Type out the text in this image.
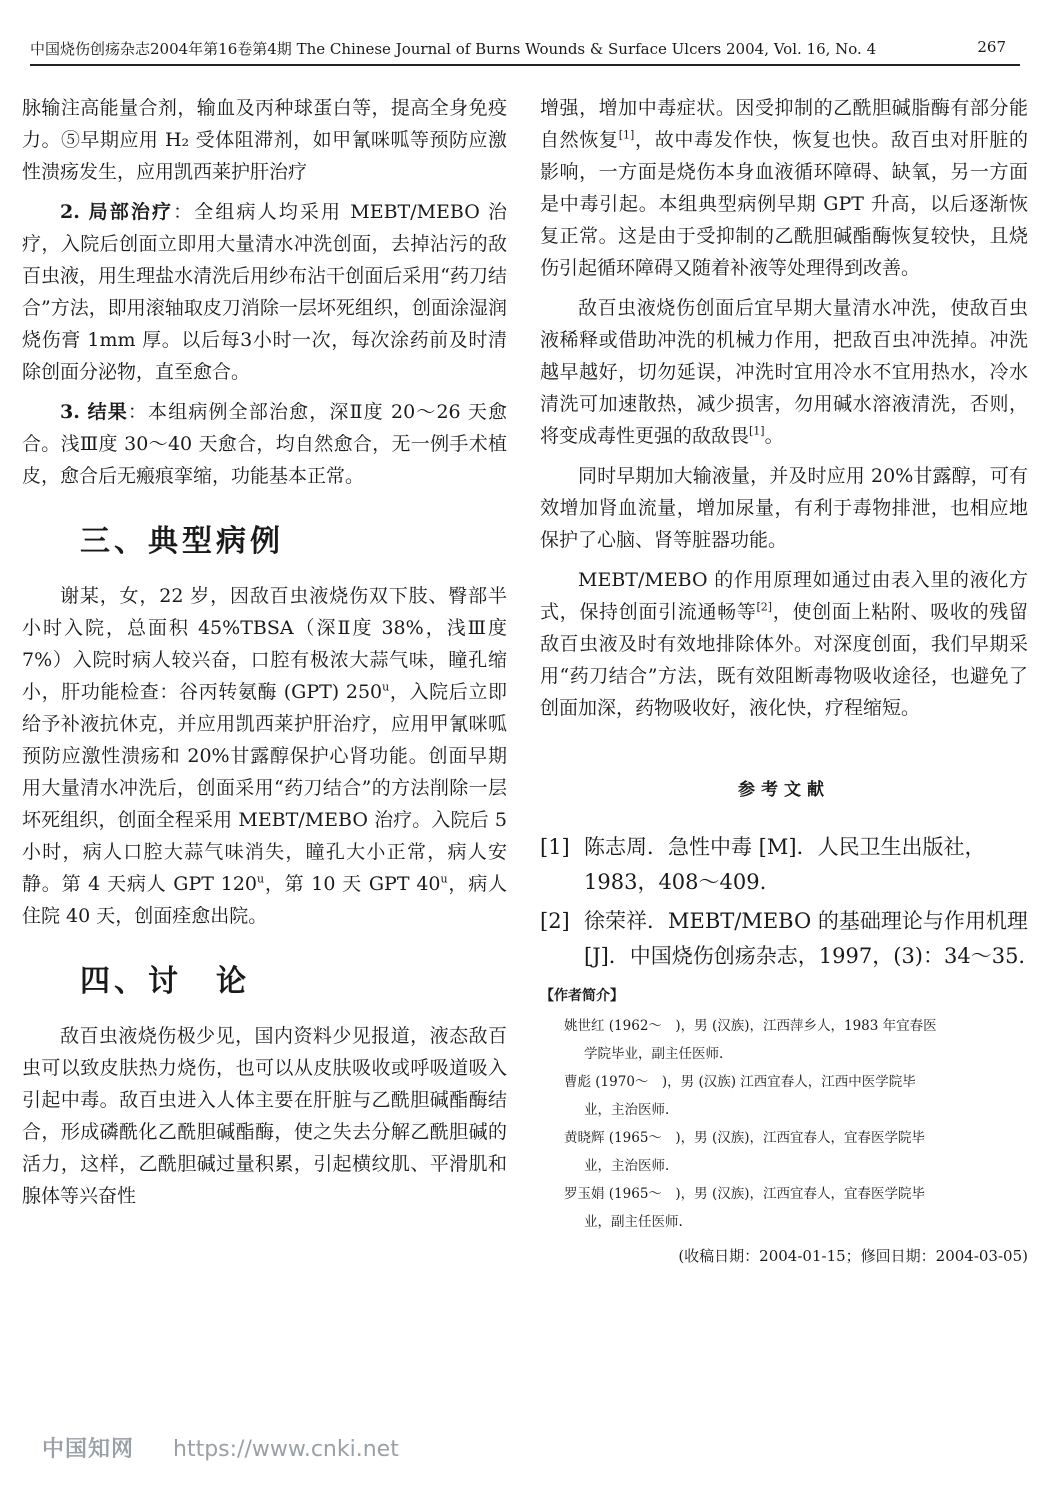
中国烧伤创疡杂志2004年第16卷第4期 The Chinese Journal of Burns Wounds & Surface Ulcers 2004, Vol. 16, No. 4	267

脉输注高能量合剂，输血及丙种球蛋白等，提高全身免疫力。⑤早期应用 H₂ 受体阻滞剂，如甲氰咪呱等预防应激性溃疡发生，应用凯西莱护肝治疗

2. 局部治疗：全组病人均采用 MEBT/MEBO 治疗，入院后创面立即用大量清水冲洗创面，去掉沾污的敌百虫液，用生理盐水清洗后用纱布沾干创面后采用“药刀结合”方法，即用滚轴取皮刀消除一层坏死组织，创面涂湿润烧伤膏 1mm 厚。以后每3小时一次，每次涂药前及时清除创面分泌物，直至愈合。

3. 结果：本组病例全部治愈，深Ⅱ度 20～26 天愈合。浅Ⅲ度 30～40 天愈合，均自然愈合，无一例手术植皮，愈合后无瘢痕挛缩，功能基本正常。

三、典型病例

谢某，女，22 岁，因敌百虫液烧伤双下肢、臀部半小时入院，总面积 45%TBSA（深Ⅱ度 38%，浅Ⅲ度 7%）入院时病人较兴奋，口腔有极浓大蒜气味，瞳孔缩小，肝功能检查：谷丙转氨酶 (GPT) 250$^u$，入院后立即给予补液抗休克，并应用凯西莱护肝治疗，应用甲氰咪呱预防应激性溃疡和 20%甘露醇保护心肾功能。创面早期用大量清水冲洗后，创面采用“药刀结合”的方法削除一层坏死组织，创面全程采用 MEBT/MEBO 治疗。入院后 5 小时，病人口腔大蒜气味消失，瞳孔大小正常，病人安静。第 4 天病人 GPT 120$^u$，第 10 天 GPT 40$^u$，病人住院 40 天，创面痊愈出院。

四、讨　论

敌百虫液烧伤极少见，国内资料少见报道，液态敌百虫可以致皮肤热力烧伤，也可以从皮肤吸收或呼吸道吸入引起中毒。敌百虫进入人体主要在肝脏与乙酰胆碱酯酶结合，形成磷酰化乙酰胆碱酯酶，使之失去分解乙酰胆碱的活力，这样，乙酰胆碱过量积累，引起横纹肌、平滑肌和腺体等兴奋性

增强，增加中毒症状。因受抑制的乙酰胆碱脂酶有部分能自然恢复[1]，故中毒发作快，恢复也快。敌百虫对肝脏的影响，一方面是烧伤本身血液循环障碍、缺氧，另一方面是中毒引起。本组典型病例早期 GPT 升高，以后逐渐恢复正常。这是由于受抑制的乙酰胆碱酯酶恢复较快，且烧伤引起循环障碍又随着补液等处理得到改善。

敌百虫液烧伤创面后宜早期大量清水冲洗，使敌百虫液稀释或借助冲洗的机械力作用，把敌百虫冲洗掉。冲洗越早越好，切勿延误，冲洗时宜用冷水不宜用热水，冷水清洗可加速散热，减少损害，勿用碱水溶液清洗，否则，将变成毒性更强的敌敌畏[1]。

同时早期加大输液量，并及时应用 20%甘露醇，可有效增加肾血流量，增加尿量，有利于毒物排泄，也相应地保护了心脑、肾等脏器功能。

MEBT/MEBO 的作用原理如通过由表入里的液化方式，保持创面引流通畅等[2]，使创面上粘附、吸收的残留敌百虫液及时有效地排除体外。对深度创面，我们早期采用“药刀结合”方法，既有效阻断毒物吸收途径，也避免了创面加深，药物吸收好，液化快，疗程缩短。

参考文献
[1] 陈志周．急性中毒 [M]．人民卫生出版社，1983，408～409.
[2] 徐荣祥．MEBT/MEBO 的基础理论与作用机理 [J]．中国烧伤创疡杂志，1997，(3)：34～35.
【作者简介】
姚世红 (1962～　)，男 (汉族)，江西萍乡人，1983 年宜春医
学院毕业，副主任医师.
曹彪 (1970～　)，男 (汉族) 江西宜春人，江西中医学院毕
业，主治医师.
黄晓辉 (1965～　)，男 (汉族)，江西宜春人，宜春医学院毕
业，主治医师.
罗玉娟 (1965～　)，男 (汉族)，江西宜春人，宜春医学院毕
业，副主任医师.
(收稿日期：2004-01-15；修回日期：2004-03-05)
中国知网 https://www.cnki.net
